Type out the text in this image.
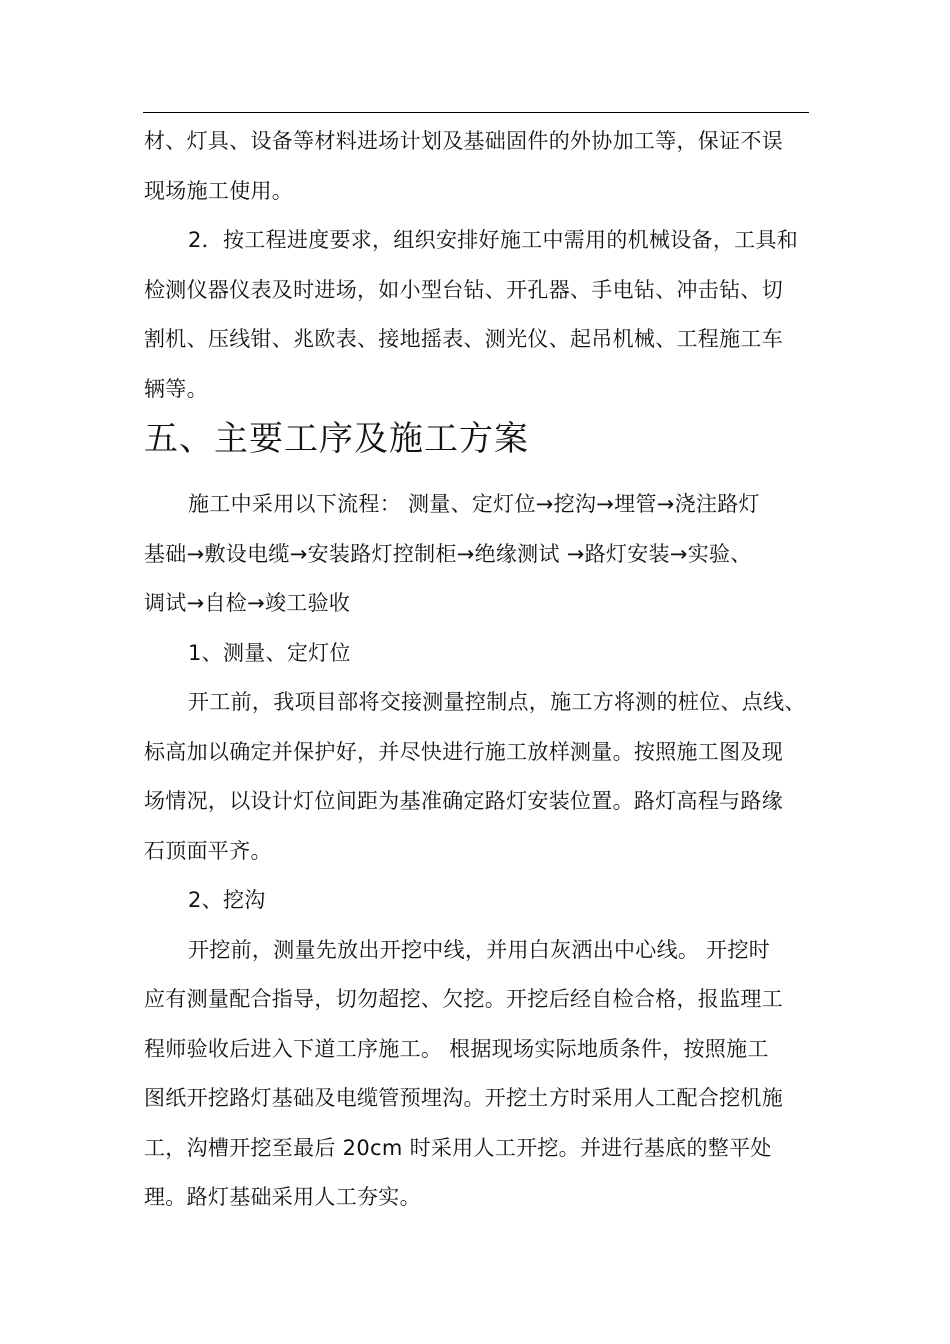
材、灯具、设备等材料进场计划及基础固件的外协加工等，保证不误
现场施工使用。
2．按工程进度要求，组织安排好施工中需用的机械设备，工具和
检测仪器仪表及时进场，如小型台钻、开孔器、手电钻、冲击钻、切
割机、压线钳、兆欧表、接地摇表、测光仪、起吊机械、工程施工车
辆等。
五、主要工序及施工方案
施工中采用以下流程： 测量、定灯位→挖沟→埋管→浇注路灯
基础→敷设电缆→安装路灯控制柜→绝缘测试 →路灯安装→实验、
调试→自检→竣工验收
1、测量、定灯位
开工前，我项目部将交接测量控制点，施工方将测的桩位、点线、
标高加以确定并保护好，并尽快进行施工放样测量。按照施工图及现
场情况，以设计灯位间距为基准确定路灯安装位置。路灯高程与路缘
石顶面平齐。
2、挖沟
开挖前，测量先放出开挖中线，并用白灰洒出中心线。 开挖时
应有测量配合指导，切勿超挖、欠挖。开挖后经自检合格，报监理工
程师验收后进入下道工序施工。 根据现场实际地质条件，按照施工
图纸开挖路灯基础及电缆管预埋沟。开挖土方时采用人工配合挖机施
工，沟槽开挖至最后 20cm 时采用人工开挖。并进行基底的整平处
理。路灯基础采用人工夯实。
